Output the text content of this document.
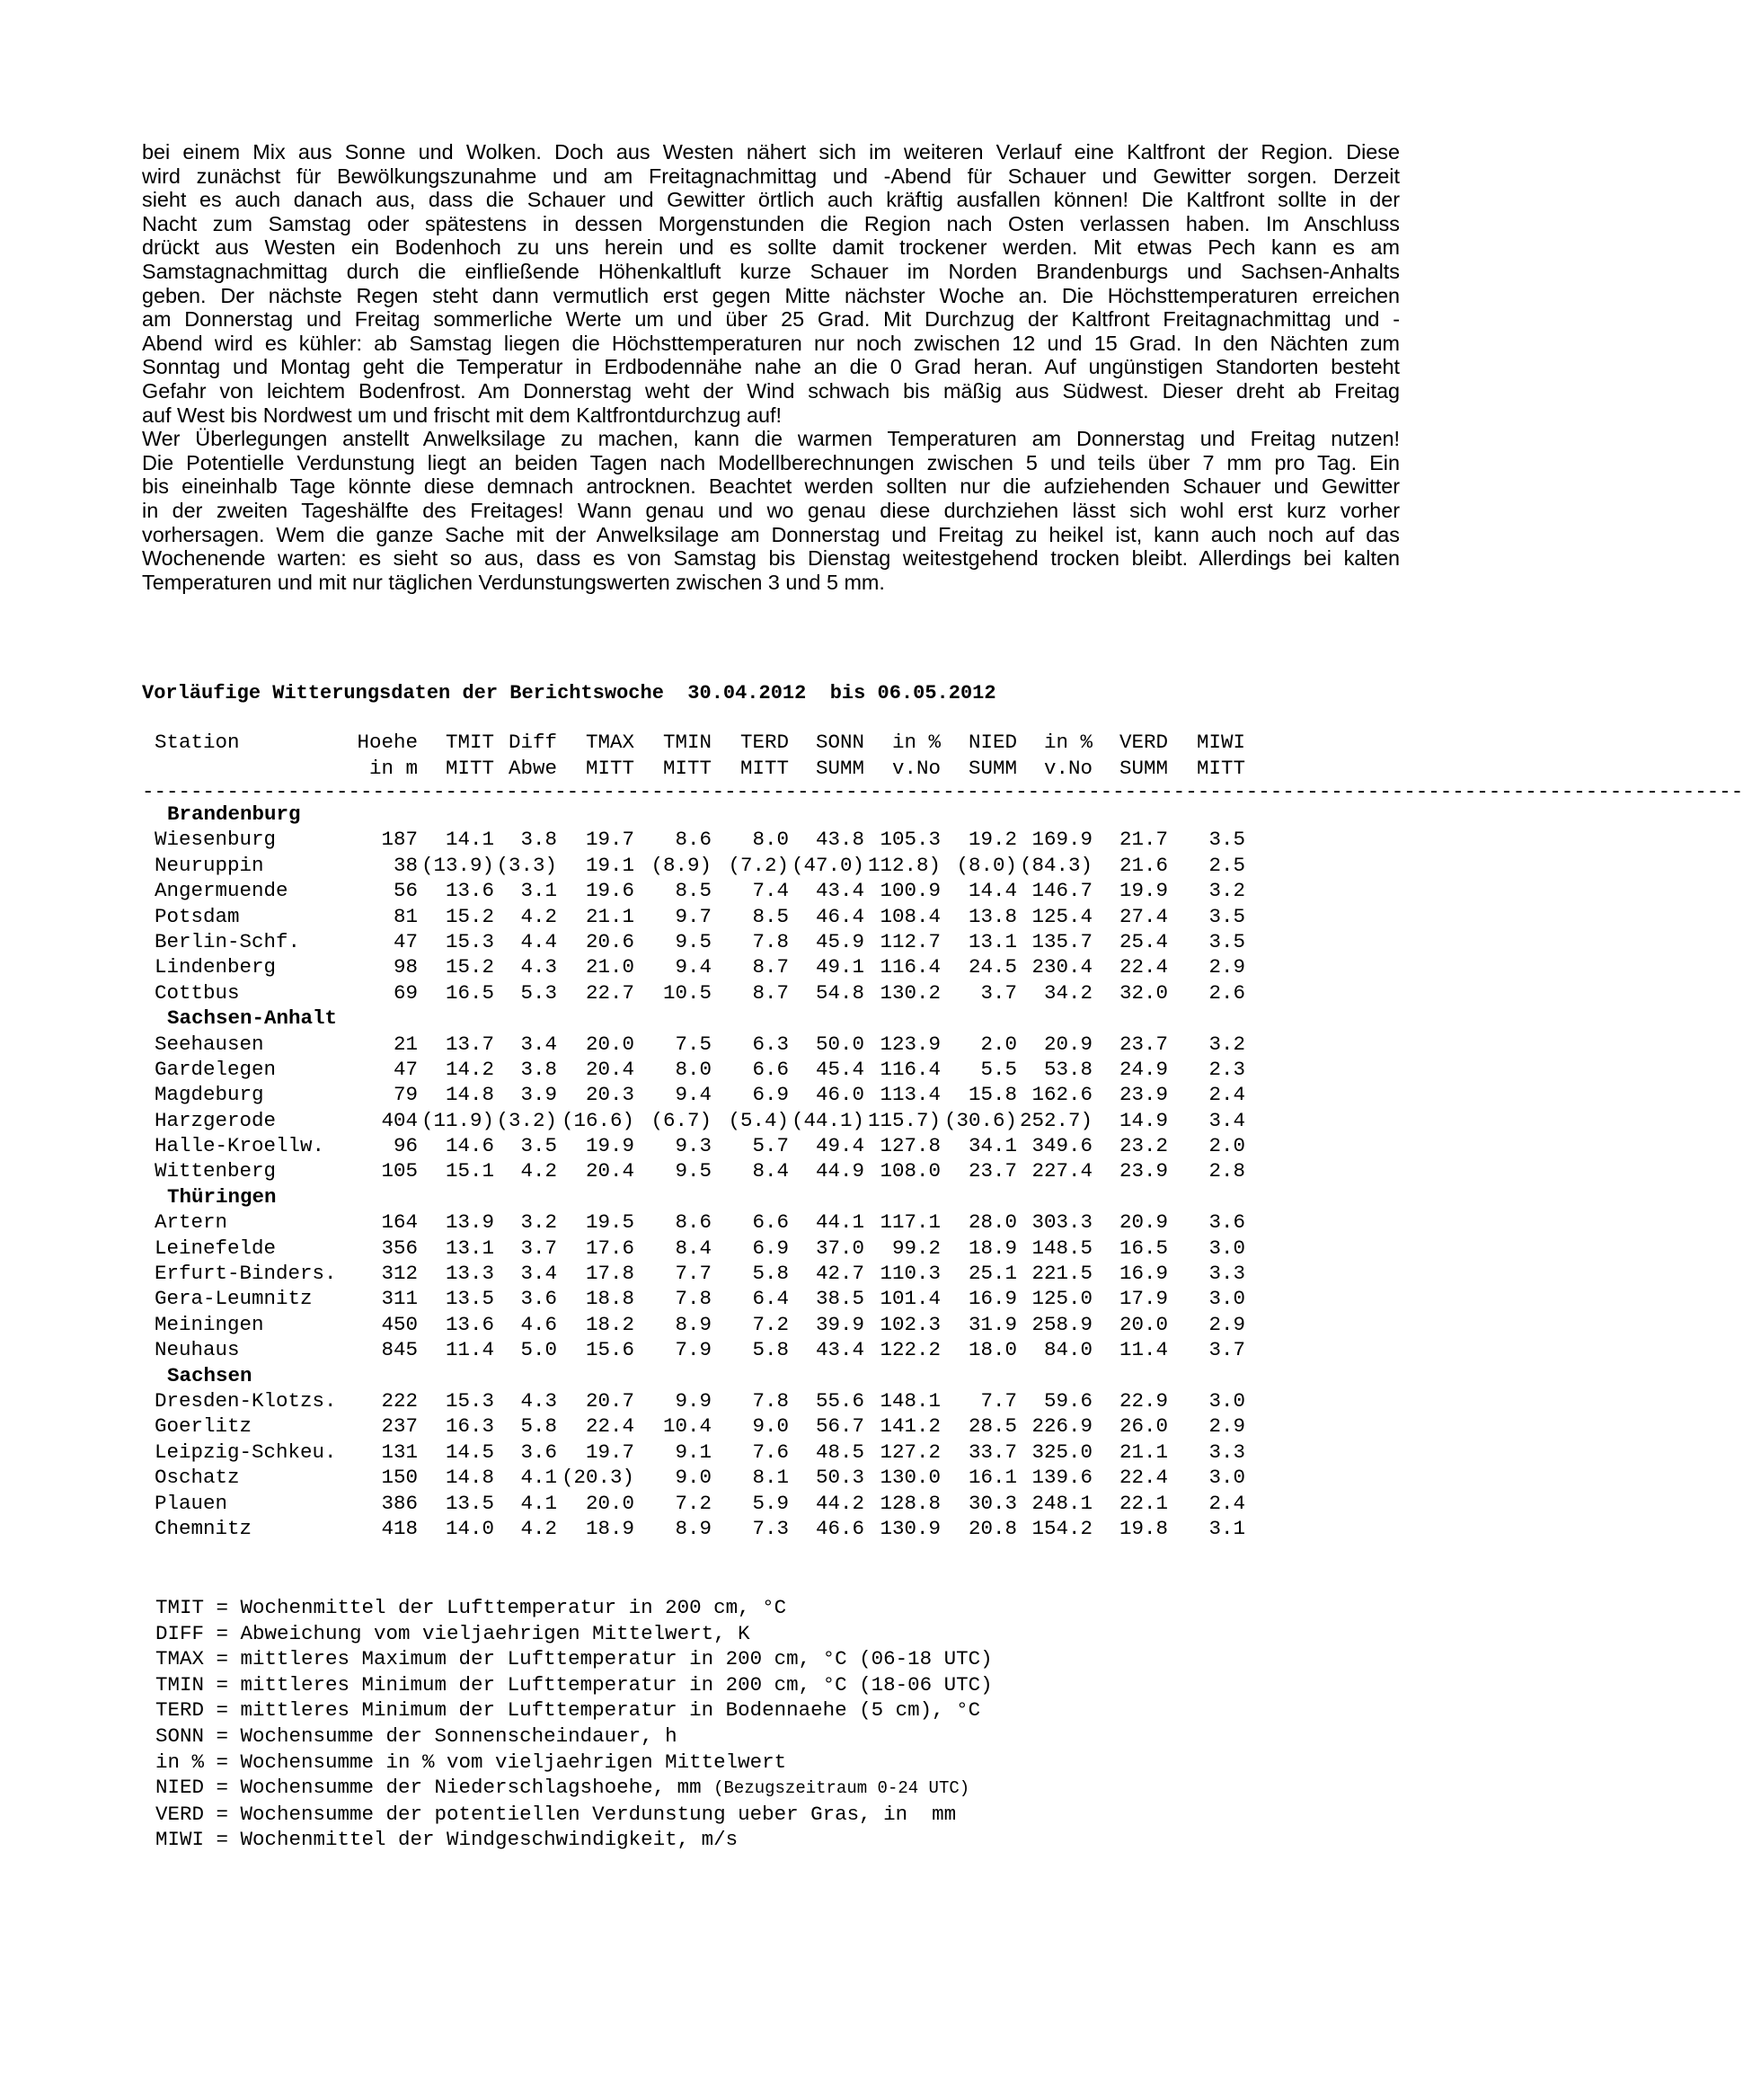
bei einem Mix aus Sonne und Wolken. Doch aus Westen nähert sich im weiteren Verlauf eine Kaltfront der Region. Diese
wird zunächst für Bewölkungszunahme und am Freitagnachmittag und -Abend für Schauer und Gewitter sorgen. Derzeit
sieht es auch danach aus, dass die Schauer und Gewitter örtlich auch kräftig ausfallen können! Die Kaltfront sollte in der
Nacht zum Samstag oder spätestens in dessen Morgenstunden die Region nach Osten verlassen haben. Im Anschluss
drückt aus Westen ein Bodenhoch zu uns herein und es sollte damit trockener werden. Mit etwas Pech kann es am
Samstagnachmittag durch die einfließende Höhenkaltluft kurze Schauer im Norden Brandenburgs und Sachsen-Anhalts
geben. Der nächste Regen steht dann vermutlich erst gegen Mitte nächster Woche an. Die Höchsttemperaturen erreichen
am Donnerstag und Freitag sommerliche Werte um und über 25 Grad. Mit Durchzug der Kaltfront Freitagnachmittag und -
Abend wird es kühler: ab Samstag liegen die Höchsttemperaturen nur noch zwischen 12 und 15 Grad. In den Nächten zum
Sonntag und Montag geht die Temperatur in Erdbodennähe nahe an die 0 Grad heran. Auf ungünstigen Standorten besteht
Gefahr von leichtem Bodenfrost. Am Donnerstag weht der Wind schwach bis mäßig aus Südwest. Dieser dreht ab Freitag
auf West bis Nordwest um und frischt mit dem Kaltfrontdurchzug auf!
Wer Überlegungen anstellt Anwelksilage zu machen, kann die warmen Temperaturen am Donnerstag und Freitag nutzen!
Die Potentielle Verdunstung liegt an beiden Tagen nach Modellberechnungen zwischen 5 und teils über 7 mm pro Tag. Ein
bis eineinhalb Tage könnte diese demnach antrocknen. Beachtet werden sollten nur die aufziehenden Schauer und Gewitter
in der zweiten Tageshälfte des Freitages! Wann genau und wo genau diese durchziehen lässt sich wohl erst kurz vorher
vorhersagen. Wem die ganze Sache mit der Anwelksilage am Donnerstag und Freitag zu heikel ist, kann auch noch auf das
Wochenende warten: es sieht so aus, dass es von Samstag bis Dienstag weitestgehend trocken bleibt. Allerdings bei kalten
Temperaturen und mit nur täglichen Verdunstungswerten zwischen 3 und 5 mm.
Vorläufige Witterungsdaten der Berichtswoche  30.04.2012  bis 06.05.2012
Station	Hoehe TMIT Diff TMAX TMIN TERD SONN in % NIED in % VERD MIWI
in m MITT Abwe MITT MITT MITT SUMM v.No SUMM v.No SUMM MITT
------------------------------------------------------------------------------------------------------------------------------------
Brandenburg
Wiesenburg	187 14.1 3.8 19.7 8.6 8.0 43.8 105.3 19.2 169.9 21.7 3.5
Neuruppin	38 (13.9) (3.3) 19.1 (8.9) (7.2) (47.0) 112.8) (8.0) (84.3) 21.6 2.5
Angermuende	56 13.6 3.1 19.6 8.5 7.4 43.4 100.9 14.4 146.7 19.9 3.2
Potsdam	81 15.2 4.2 21.1 9.7 8.5 46.4 108.4 13.8 125.4 27.4 3.5
Berlin-Schf.	47 15.3 4.4 20.6 9.5 7.8 45.9 112.7 13.1 135.7 25.4 3.5
Lindenberg	98 15.2 4.3 21.0 9.4 8.7 49.1 116.4 24.5 230.4 22.4 2.9
Cottbus	69 16.5 5.3 22.7 10.5 8.7 54.8 130.2 3.7 34.2 32.0 2.6
Sachsen-Anhalt
Seehausen	21 13.7 3.4 20.0 7.5 6.3 50.0 123.9 2.0 20.9 23.7 3.2
Gardelegen	47 14.2 3.8 20.4 8.0 6.6 45.4 116.4 5.5 53.8 24.9 2.3
Magdeburg	79 14.8 3.9 20.3 9.4 6.9 46.0 113.4 15.8 162.6 23.9 2.4
Harzgerode	404 (11.9) (3.2) (16.6) (6.7) (5.4) (44.1) 115.7) (30.6) 252.7) 14.9 3.4
Halle-Kroellw.	96 14.6 3.5 19.9 9.3 5.7 49.4 127.8 34.1 349.6 23.2 2.0
Wittenberg	105 15.1 4.2 20.4 9.5 8.4 44.9 108.0 23.7 227.4 23.9 2.8
Thüringen
Artern	164 13.9 3.2 19.5 8.6 6.6 44.1 117.1 28.0 303.3 20.9 3.6
Leinefelde	356 13.1 3.7 17.6 8.4 6.9 37.0 99.2 18.9 148.5 16.5 3.0
Erfurt-Binders. 312 13.3 3.4 17.8 7.7 5.8 42.7 110.3 25.1 221.5 16.9 3.3
Gera-Leumnitz	311 13.5 3.6 18.8 7.8 6.4 38.5 101.4 16.9 125.0 17.9 3.0
Meiningen	450 13.6 4.6 18.2 8.9 7.2 39.9 102.3 31.9 258.9 20.0 2.9
Neuhaus	845 11.4 5.0 15.6 7.9 5.8 43.4 122.2 18.0 84.0 11.4 3.7
Sachsen
Dresden-Klotzs. 222 15.3 4.3 20.7 9.9 7.8 55.6 148.1 7.7 59.6 22.9 3.0
Goerlitz	237 16.3 5.8 22.4 10.4 9.0 56.7 141.2 28.5 226.9 26.0 2.9
Leipzig-Schkeu. 131 14.5 3.6 19.7 9.1 7.6 48.5 127.2 33.7 325.0 21.1 3.3
Oschatz	150 14.8 4.1 (20.3) 9.0 8.1 50.3 130.0 16.1 139.6 22.4 3.0
Plauen	386 13.5 4.1 20.0 7.2 5.9 44.2 128.8 30.3 248.1 22.1 2.4
Chemnitz	418 14.0 4.2 18.9 8.9 7.3 46.6 130.9 20.8 154.2 19.8 3.1
TMIT = Wochenmittel der Lufttemperatur in 200 cm, °C
DIFF = Abweichung vom vieljaehrigen Mittelwert, K
TMAX = mittleres Maximum der Lufttemperatur in 200 cm, °C (06-18 UTC)
TMIN = mittleres Minimum der Lufttemperatur in 200 cm, °C (18-06 UTC)
TERD = mittleres Minimum der Lufttemperatur in Bodennaehe (5 cm), °C
SONN = Wochensumme der Sonnenscheindauer, h
in % = Wochensumme in % vom vieljaehrigen Mittelwert
NIED = Wochensumme der Niederschlagshoehe, mm (Bezugszeitraum 0-24 UTC)
VERD = Wochensumme der potentiellen Verdunstung ueber Gras, in  mm
MIWI = Wochenmittel der Windgeschwindigkeit, m/s
